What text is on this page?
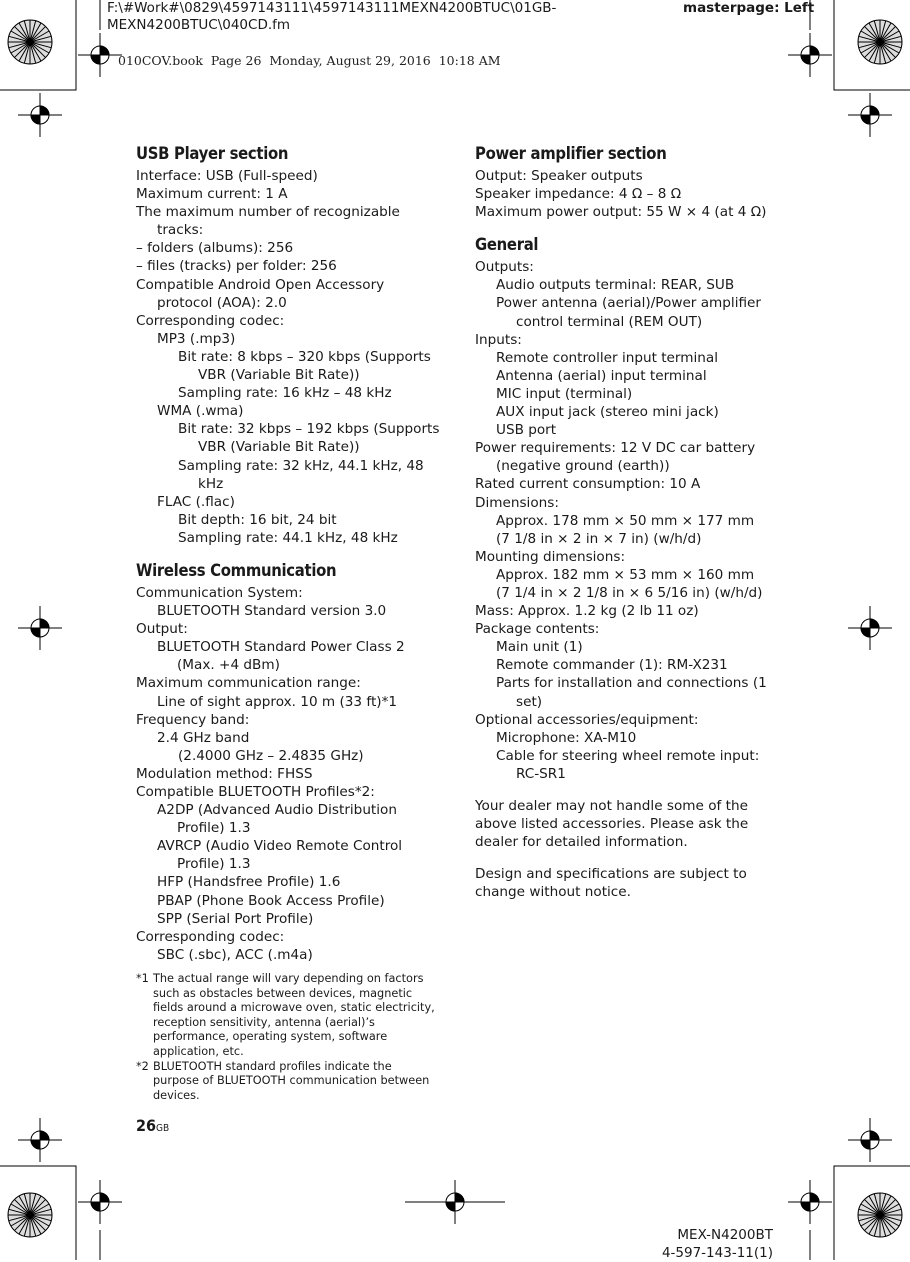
F:\#Work#\0829\4597143111\4597143111MEXN4200BTUC\01GB-MEXN4200BTUC\040CD.fm
masterpage: Left
010COV.book  Page 26  Monday, August 29, 2016  10:18 AM
USB Player section
Interface: USB (Full-speed)
Maximum current: 1 A
The maximum number of recognizable tracks:
– folders (albums): 256
– files (tracks) per folder: 256
Compatible Android Open Accessory protocol (AOA): 2.0
Corresponding codec:
MP3 (.mp3)
Bit rate: 8 kbps – 320 kbps (Supports VBR (Variable Bit Rate))
Sampling rate: 16 kHz – 48 kHz
WMA (.wma)
Bit rate: 32 kbps – 192 kbps (Supports VBR (Variable Bit Rate))
Sampling rate: 32 kHz, 44.1 kHz, 48 kHz
FLAC (.flac)
Bit depth: 16 bit, 24 bit
Sampling rate: 44.1 kHz, 48 kHz
Wireless Communication
Communication System:
BLUETOOTH Standard version 3.0
Output:
BLUETOOTH Standard Power Class 2 (Max. +4 dBm)
Maximum communication range:
Line of sight approx. 10 m (33 ft)*1
Frequency band:
2.4 GHz band
(2.4000 GHz – 2.4835 GHz)
Modulation method: FHSS
Compatible BLUETOOTH Profiles*2:
A2DP (Advanced Audio Distribution Profile) 1.3
AVRCP (Audio Video Remote Control Profile) 1.3
HFP (Handsfree Profile) 1.6
PBAP (Phone Book Access Profile)
SPP (Serial Port Profile)
Corresponding codec:
SBC (.sbc), ACC (.m4a)
*1 The actual range will vary depending on factors such as obstacles between devices, magnetic fields around a microwave oven, static electricity, reception sensitivity, antenna (aerial)’s performance, operating system, software application, etc.
*2 BLUETOOTH standard profiles indicate the purpose of BLUETOOTH communication between devices.
Power amplifier section
Output: Speaker outputs
Speaker impedance: 4 Ω – 8 Ω
Maximum power output: 55 W × 4 (at 4 Ω)
General
Outputs:
Audio outputs terminal: REAR, SUB
Power antenna (aerial)/Power amplifier control terminal (REM OUT)
Inputs:
Remote controller input terminal
Antenna (aerial) input terminal
MIC input (terminal)
AUX input jack (stereo mini jack)
USB port
Power requirements: 12 V DC car battery (negative ground (earth))
Rated current consumption: 10 A
Dimensions:
Approx. 178 mm × 50 mm × 177 mm
(7 1/8 in × 2 in × 7 in) (w/h/d)
Mounting dimensions:
Approx. 182 mm × 53 mm × 160 mm
(7 1/4 in × 2 1/8 in × 6 5/16 in) (w/h/d)
Mass: Approx. 1.2 kg (2 lb 11 oz)
Package contents:
Main unit (1)
Remote commander (1): RM-X231
Parts for installation and connections (1 set)
Optional accessories/equipment:
Microphone: XA-M10
Cable for steering wheel remote input: RC-SR1
Your dealer may not handle some of the above listed accessories. Please ask the dealer for detailed information.
Design and specifications are subject to change without notice.
26GB
MEX-N4200BT
4-597-143-11(1)
